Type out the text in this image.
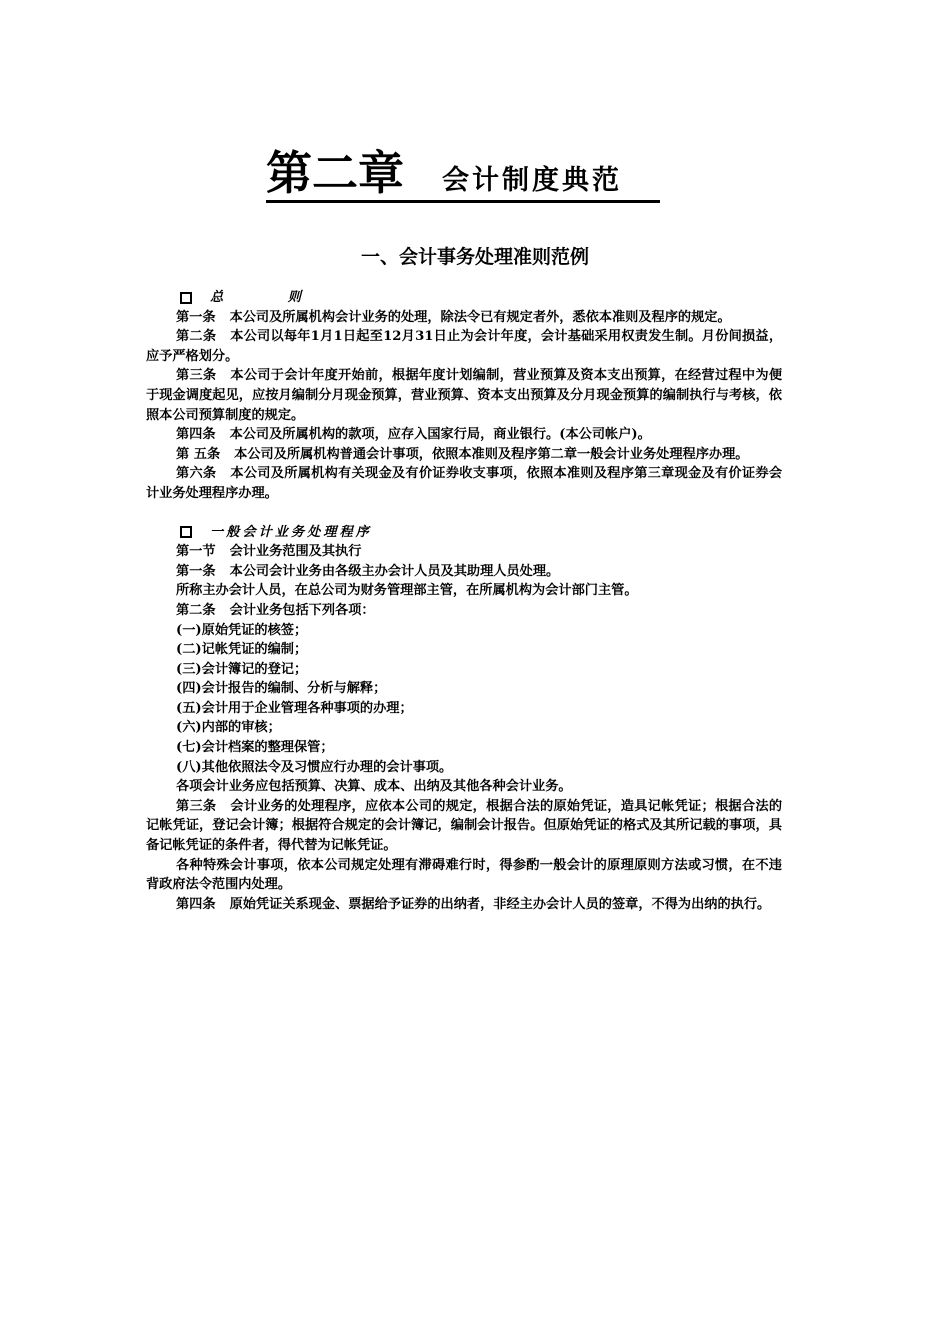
第二章 会计制度典范
一、会计事务处理准则范例

总 则

第一条 本公司及所属机构会计业务的处理，除法令已有规定者外，悉依本准则及程序的规定。

第二条 本公司以每年1月1日起至12月31日止为会计年度，会计基础采用权责发生制。月份间损益，应予严格划分。

第三条 本公司于会计年度开始前，根据年度计划编制，营业预算及资本支出预算，在经营过程中为便于现金调度起见，应按月编制分月现金预算，营业预算、资本支出预算及分月现金预算的编制执行与考核，依照本公司预算制度的规定。

第四条 本公司及所属机构的款项，应存入国家行局，商业银行。(本公司帐户)。

第 五条 本公司及所属机构普通会计事项，依照本准则及程序第二章一般会计业务处理程序办理。

第六条 本公司及所属机构有关现金及有价证券收支事项，依照本准则及程序第三章现金及有价证券会计业务处理程序办理。

一般会计业务处理程序

第一节 会计业务范围及其执行

第一条 本公司会计业务由各级主办会计人员及其助理人员处理。

所称主办会计人员，在总公司为财务管理部主管，在所属机构为会计部门主管。

第二条 会计业务包括下列各项：

(一)原始凭证的核签；

(二)记帐凭证的编制；

(三)会计簿记的登记；

(四)会计报告的编制、分析与解释；

(五)会计用于企业管理各种事项的办理；

(六)内部的审核；

(七)会计档案的整理保管；

(八)其他依照法令及习惯应行办理的会计事项。

各项会计业务应包括预算、决算、成本、出纳及其他各种会计业务。

第三条 会计业务的处理程序，应依本公司的规定，根据合法的原始凭证，造具记帐凭证；根据合法的记帐凭证，登记会计簿；根据符合规定的会计簿记，编制会计报告。但原始凭证的格式及其所记载的事项，具备记帐凭证的条件者，得代替为记帐凭证。

各种特殊会计事项，依本公司规定处理有滞碍难行时，得参酌一般会计的原理原则方法或习惯，在不违背政府法令范围内处理。

第四条 原始凭证关系现金、票据给予证券的出纳者，非经主办会计人员的签章，不得为出纳的执行。
